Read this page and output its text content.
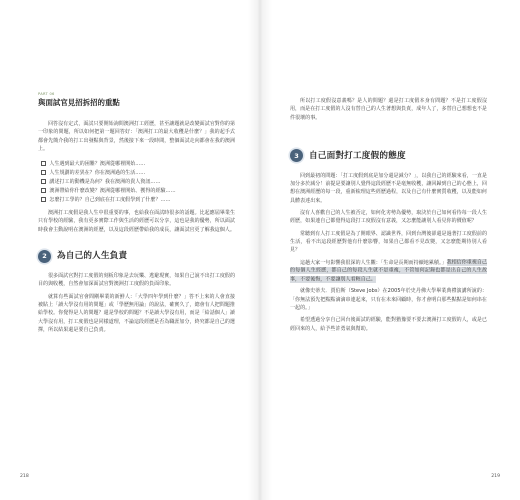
PART 06
與面試官見招拆招的重點

回答沒有定式，面試只要開始詢問澳洲打工經歷，甚至讓題就是改變面試官對你的第一印象的問題，所以如何把第一題回答好：「澳洲打工的最大收穫是什麼？」我的起手式都會先簡介我的打工出發點與背景，然後接下來一段時間，整個面試走向都會在我的澳洲上。

人生遇到最大的困難？澳洲從哪裡開始……
人生規劃的差異在？你在澳洲過的生活……
講述打工的動機是為何？我在澳洲的貴人資訊……
澳洲帶給你什麼改變？澳洲從哪裡開始、獲得的經驗……
怎麼打工學的？自己到底在打工度假學到了什麼？……

澳洲打工度假是我人生中很重要的事，也給我在面試時很多的話題。比起應屆畢業生只有學校的經驗，我有更多實際工作與生活的經歷可以分享，這也是我的優勢，所以面試時我會主動說明在澳洲的經歷，以及這段經歷帶給我的成長，讓面試官更了解我這個人。

2	為自己的人生負責

很多面試官對打工度假的刻板印象是去玩樂、逃避現實，如果自己說不出打工度假的目的與收穫，自然會加深面試官對澳洲打工度假的負面印象。

就算有些面試官會問剛畢業的新鮮人：「大學四年學到什麼？」答不上來的人會直接被貼上「讀大學沒有用的問題」或「學歷無用論」的說法，確實久了，總會有人把問題推給學校。你覺得是人的問題？還是學校的問題？不是讀大學沒有用，而是「給話個人」讀大學沒有用，打工度假也是同樣道理，不論這段經歷是否為職涯加分，終究都是自己的選擇，所以結果還是要自己負責。

218

所以打工度假沒意義嗎？是人的問題？還是打工度假本身有問題？不是打工度假沒用，而是在打工度假的人沒有替自己的人生著想與負責，成年人了，多替自己想想也不是件很壞的事。

3	自己面對打工度假的態度

回到最初的問題：「打工度假到底是加分還是減分？」，以我自己的經驗來看，一直是加分多於減分！前提是要讓別人覺得這段經歷不是毫無收穫，讓回歸到自己的心態上，回想在澳洲經歷的每一段，重新梳理這些經歷過程，以及自己有什麼實質收穫，以及能如何具體表達出來。

沒有人喜歡自己的人生被否定，如何化劣勢為優勢，取決於自己如何看待每一段人生經歷，如果連自己都覺得這段打工度假沒有意義，又怎麼能讓別人看見你的價值呢？

常聽到有人打工度假是為了開眼界、認識世界，回到台灣後卻還是過著打工度假前的生活，看不出這段經歷對他有什麼影響，如果自己都看不見改變，又怎麼能期待別人看見？

這趟大家一句影響我很深的人生觀：「生命是長期而持續地累積。」我相信你重視自己的每個人生經歷，都自己的每段人生就不是重複，不管如何記錄也都是出自己的人生故事，不要後悔，不要讓別人看輕自己。

就像史蒂夫．賈伯斯（Steve Jobs）在2005年於史丹佛大學畢業典禮演講所說的：「你無法預先把點點滴滴串連起來，只有在未來回顧時，你才會明白那些點點是如何串在一起的。」

希望透過分享自己回台後面試的經驗，能對猶豫要不要去澳洲打工度假的人，或是已經回來的人，給予些許勇氣與幫助。

219
